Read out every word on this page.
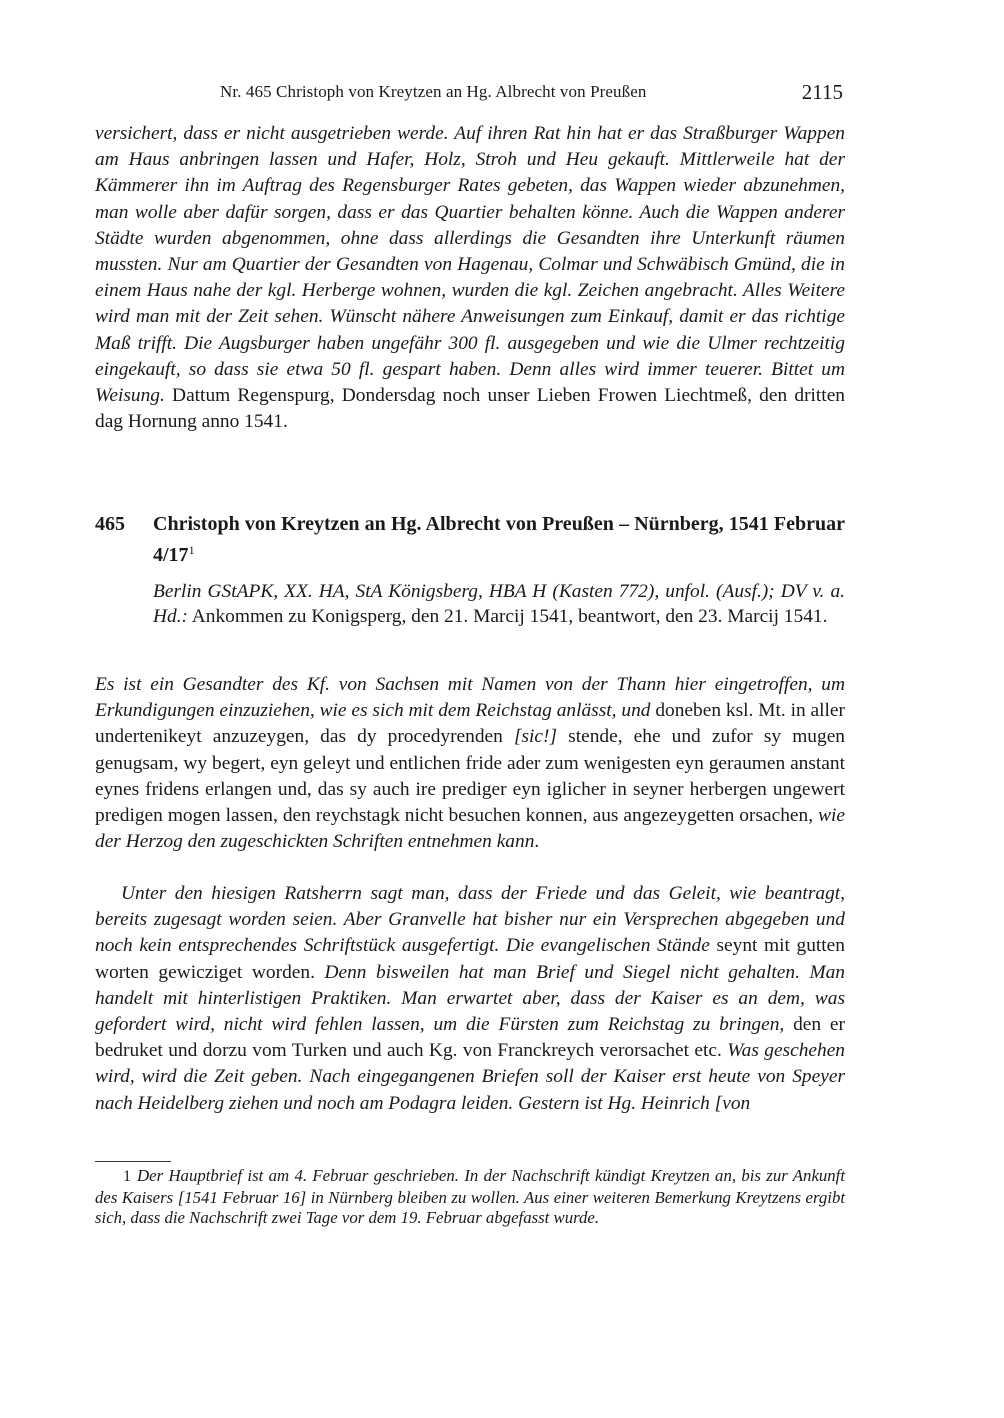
Nr. 465 Christoph von Kreytzen an Hg. Albrecht von Preußen	2115

versichert, dass er nicht ausgetrieben werde. Auf ihren Rat hin hat er das Straßburger Wappen am Haus anbringen lassen und Hafer, Holz, Stroh und Heu gekauft. Mittlerweile hat der Kämmerer ihn im Auftrag des Regensburger Rates gebeten, das Wappen wieder abzunehmen, man wolle aber dafür sorgen, dass er das Quartier behalten könne. Auch die Wappen anderer Städte wurden abgenommen, ohne dass allerdings die Gesandten ihre Unterkunft räumen mussten. Nur am Quartier der Gesandten von Hagenau, Colmar und Schwäbisch Gmünd, die in einem Haus nahe der kgl. Herberge wohnen, wurden die kgl. Zeichen angebracht. Alles Weitere wird man mit der Zeit sehen. Wünscht nähere Anweisungen zum Einkauf, damit er das richtige Maß trifft. Die Augsburger haben ungefähr 300 fl. ausgegeben und wie die Ulmer rechtzeitig eingekauft, so dass sie etwa 50 fl. gespart haben. Denn alles wird immer teuerer. Bittet um Weisung. Dattum Regenspurg, Dondersdag noch unser Lieben Frowen Liechtmeß, den dritten dag Hornung anno 1541.

465 Christoph von Kreytzen an Hg. Albrecht von Preußen – Nürnberg, 1541 Februar $4/17^1$
Berlin GStAPK, XX. HA, StA Königsberg, HBA H (Kasten 772), unfol. (Ausf.); DV v. a. Hd.: Ankommen zu Konigsperg, den 21. Marcij 1541, beantwort, den 23. Marcij 1541.

Es ist ein Gesandter des Kf. von Sachsen mit Namen von der Thann hier eingetroffen, um Erkundigungen einzuziehen, wie es sich mit dem Reichstag anlässt, und doneben ksl. Mt. in aller undertenikeyt anzuzeygen, das dy procedyrenden [sic!] stende, ehe und zufor sy mugen genugsam, wy begert, eyn geleyt und entlichen fride ader zum wenigesten eyn geraumen anstant eynes fridens erlangen und, das sy auch ire prediger eyn iglicher in seyner herbergen ungewert predigen mogen lassen, den reychstagk nicht besuchen konnen, aus angezeygetten orsachen, wie der Herzog den zugeschickten Schriften entnehmen kann.

Unter den hiesigen Ratsherrn sagt man, dass der Friede und das Geleit, wie beantragt, bereits zugesagt worden seien. Aber Granvelle hat bisher nur ein Versprechen abgegeben und noch kein entsprechendes Schriftstück ausgefertigt. Die evangelischen Stände seynt mit gutten worten gewicziget worden. Denn bisweilen hat man Brief und Siegel nicht gehalten. Man handelt mit hinterlistigen Praktiken. Man erwartet aber, dass der Kaiser es an dem, was gefordert wird, nicht wird fehlen lassen, um die Fürsten zum Reichstag zu bringen, den er bedruket und dorzu vom Turken und auch Kg. von Franckreych verorsachet etc. Was geschehen wird, wird die Zeit geben. Nach eingegangenen Briefen soll der Kaiser erst heute von Speyer nach Heidelberg ziehen und noch am Podagra leiden. Gestern ist Hg. Heinrich [von

1 Der Hauptbrief ist am 4. Februar geschrieben. In der Nachschrift kündigt Kreytzen an, bis zur Ankunft des Kaisers [1541 Februar 16] in Nürnberg bleiben zu wollen. Aus einer weiteren Bemerkung Kreytzens ergibt sich, dass die Nachschrift zwei Tage vor dem 19. Februar abgefasst wurde.
